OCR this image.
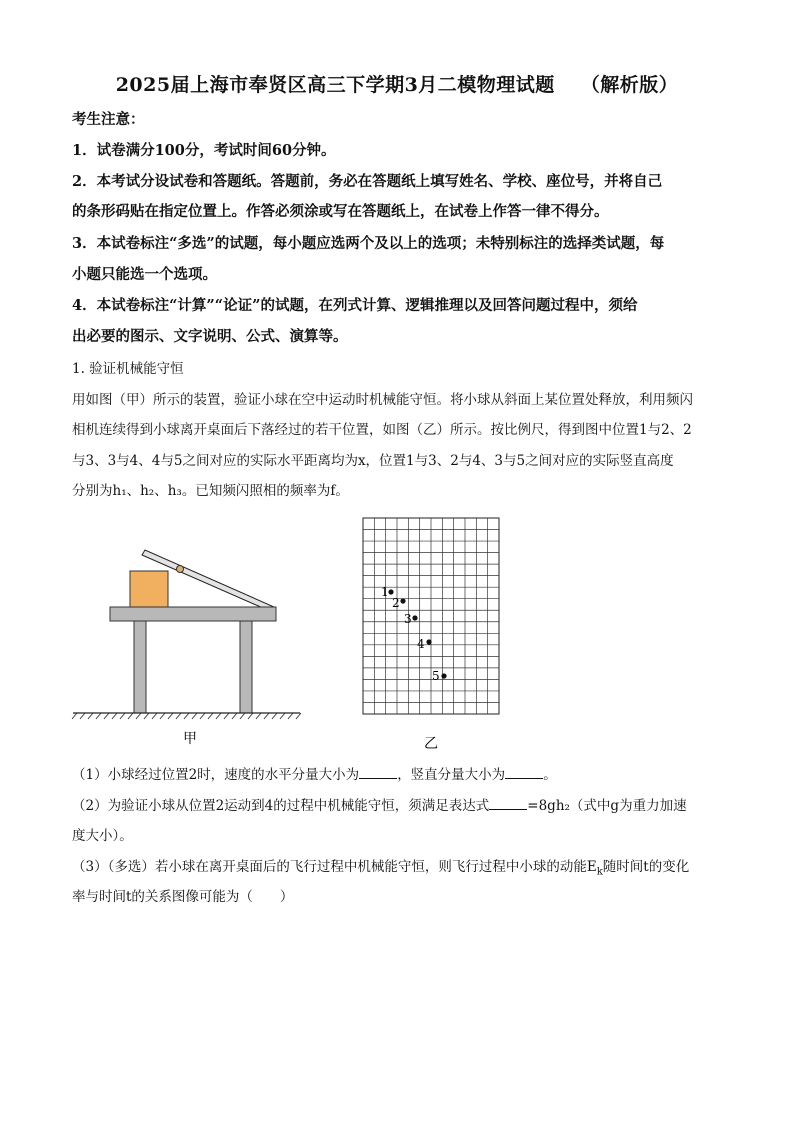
2025届上海市奉贤区高三下学期3月二模物理试题 （解析版）
考生注意：
1．试卷满分100分，考试时间60分钟。
2．本考试分设试卷和答题纸。答题前，务必在答题纸上填写姓名、学校、座位号，并将自己
的条形码贴在指定位置上。作答必须涂或写在答题纸上，在试卷上作答一律不得分。
3．本试卷标注“多选”的试题，每小题应选两个及以上的选项；未特别标注的选择类试题，每
小题只能选一个选项。
4．本试卷标注“计算”“论证”的试题，在列式计算、逻辑推理以及回答问题过程中，须给
出必要的图示、文字说明、公式、演算等。
1. 验证机械能守恒
用如图（甲）所示的装置，验证小球在空中运动时机械能守恒。将小球从斜面上某位置处释放，利用频闪
相机连续得到小球离开桌面后下落经过的若干位置，如图（乙）所示。按比例尺，得到图中位置1与2、2
与3、3与4、4与5之间对应的实际水平距离均为x，位置1与3、2与4、3与5之间对应的实际竖直高度
分别为h₁、h₂、h₃。已知频闪照相的频率为f。
甲
1
2
3
4
5
乙
（1）小球经过位置2时，速度的水平分量大小为	，竖直分量大小为	。
（2）为验证小球从位置2运动到4的过程中机械能守恒，须满足表达式	=8gh₂（式中g为重力加速
度大小）。
（3）（多选）若小球在离开桌面后的飞行过程中机械能守恒，则飞行过程中小球的动能$E_k$随时间t的变化
率与时间t的关系图像可能为（　　）
